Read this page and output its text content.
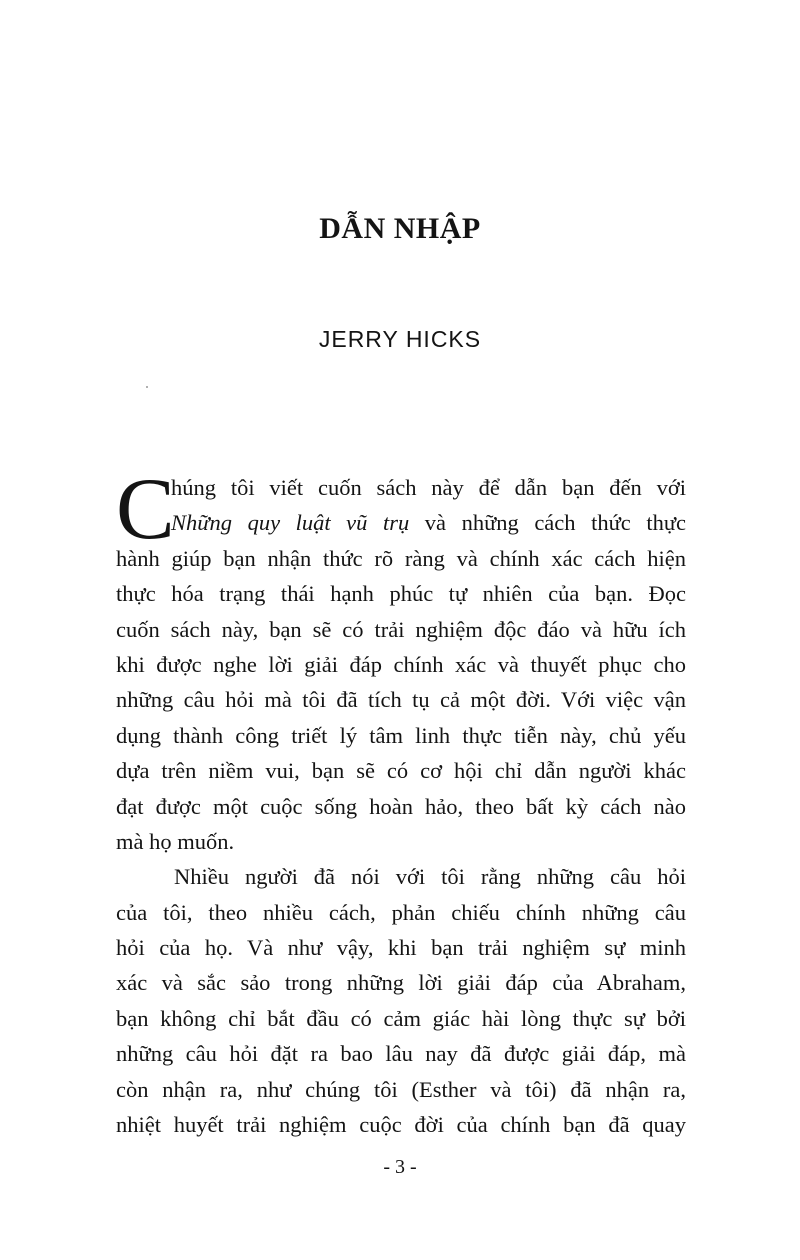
DẪN NHẬP
JERRY HICKS
C
húng tôi viết cuốn sách này để dẫn bạn đến với
Những quy luật vũ trụ và những cách thức thực
hành giúp bạn nhận thức rõ ràng và chính xác cách hiện
thực hóa trạng thái hạnh phúc tự nhiên của bạn. Đọc
cuốn sách này, bạn sẽ có trải nghiệm độc đáo và hữu ích
khi được nghe lời giải đáp chính xác và thuyết phục cho
những câu hỏi mà tôi đã tích tụ cả một đời. Với việc vận
dụng thành công triết lý tâm linh thực tiễn này, chủ yếu
dựa trên niềm vui, bạn sẽ có cơ hội chỉ dẫn người khác
đạt được một cuộc sống hoàn hảo, theo bất kỳ cách nào
mà họ muốn.
Nhiều người đã nói với tôi rằng những câu hỏi
của tôi, theo nhiều cách, phản chiếu chính những câu
hỏi của họ. Và như vậy, khi bạn trải nghiệm sự minh
xác và sắc sảo trong những lời giải đáp của Abraham,
bạn không chỉ bắt đầu có cảm giác hài lòng thực sự bởi
những câu hỏi đặt ra bao lâu nay đã được giải đáp, mà
còn nhận ra, như chúng tôi (Esther và tôi) đã nhận ra,
nhiệt huyết trải nghiệm cuộc đời của chính bạn đã quay
- 3 -
